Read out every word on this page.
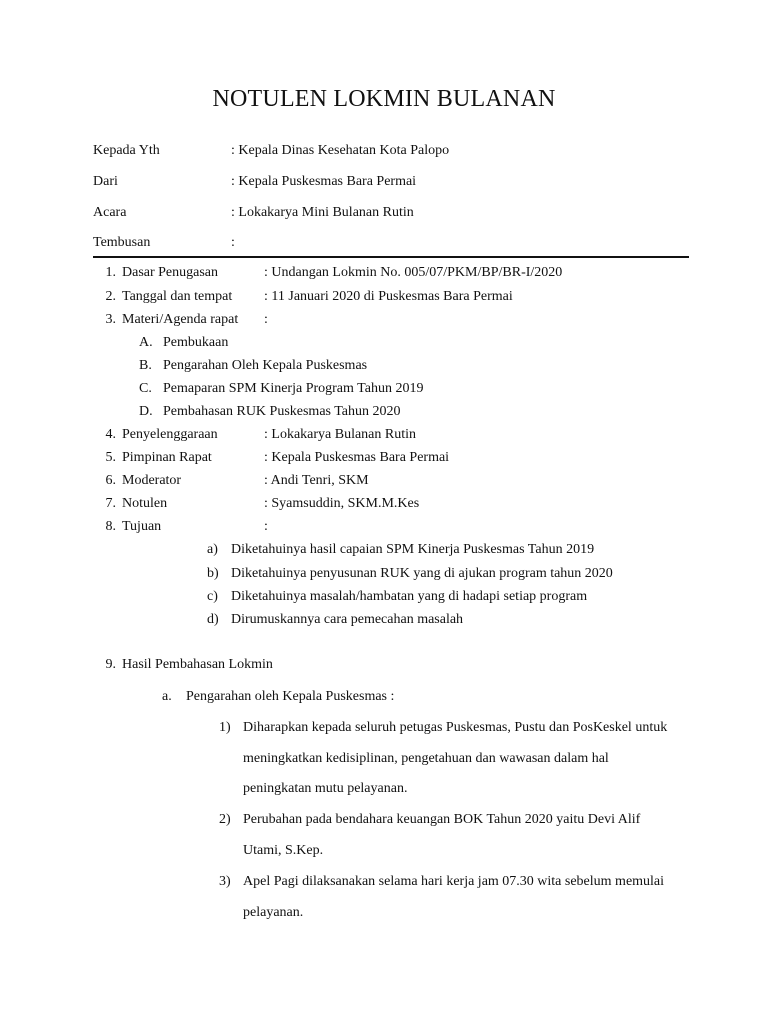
NOTULEN LOKMIN BULANAN
Kepada Yth	: Kepala Dinas Kesehatan Kota Palopo
Dari	: Kepala Puskesmas Bara Permai
Acara	: Lokakarya Mini Bulanan Rutin
Tembusan	:
1. Dasar Penugasan	: Undangan Lokmin No. 005/07/PKM/BP/BR-I/2020
2. Tanggal dan tempat : 11 Januari 2020 di Puskesmas Bara Permai
3. Materi/Agenda rapat :
A. Pembukaan
B. Pengarahan Oleh Kepala Puskesmas
C. Pemaparan SPM Kinerja Program Tahun 2019
D. Pembahasan RUK Puskesmas Tahun 2020
4. Penyelenggaraan	: Lokakarya Bulanan Rutin
5. Pimpinan Rapat	: Kepala Puskesmas Bara Permai
6. Moderator	: Andi Tenri, SKM
7. Notulen	: Syamsuddin, SKM.M.Kes
8. Tujuan	:
a) Diketahuinya hasil capaian SPM Kinerja Puskesmas Tahun 2019
b) Diketahuinya penyusunan RUK yang di ajukan program tahun 2020
c) Diketahuinya masalah/hambatan yang di hadapi setiap program
d) Dirumuskannya cara pemecahan masalah
9. Hasil Pembahasan Lokmin
a. Pengarahan oleh Kepala Puskesmas :
1) Diharapkan kepada seluruh petugas Puskesmas, Pustu dan PosKeskel untuk
meningkatkan kedisiplinan, pengetahuan dan wawasan dalam hal
peningkatan mutu pelayanan.
2) Perubahan pada bendahara keuangan BOK Tahun 2020 yaitu Devi Alif
Utami, S.Kep.
3) Apel Pagi dilaksanakan selama hari kerja jam 07.30 wita sebelum memulai
pelayanan.
